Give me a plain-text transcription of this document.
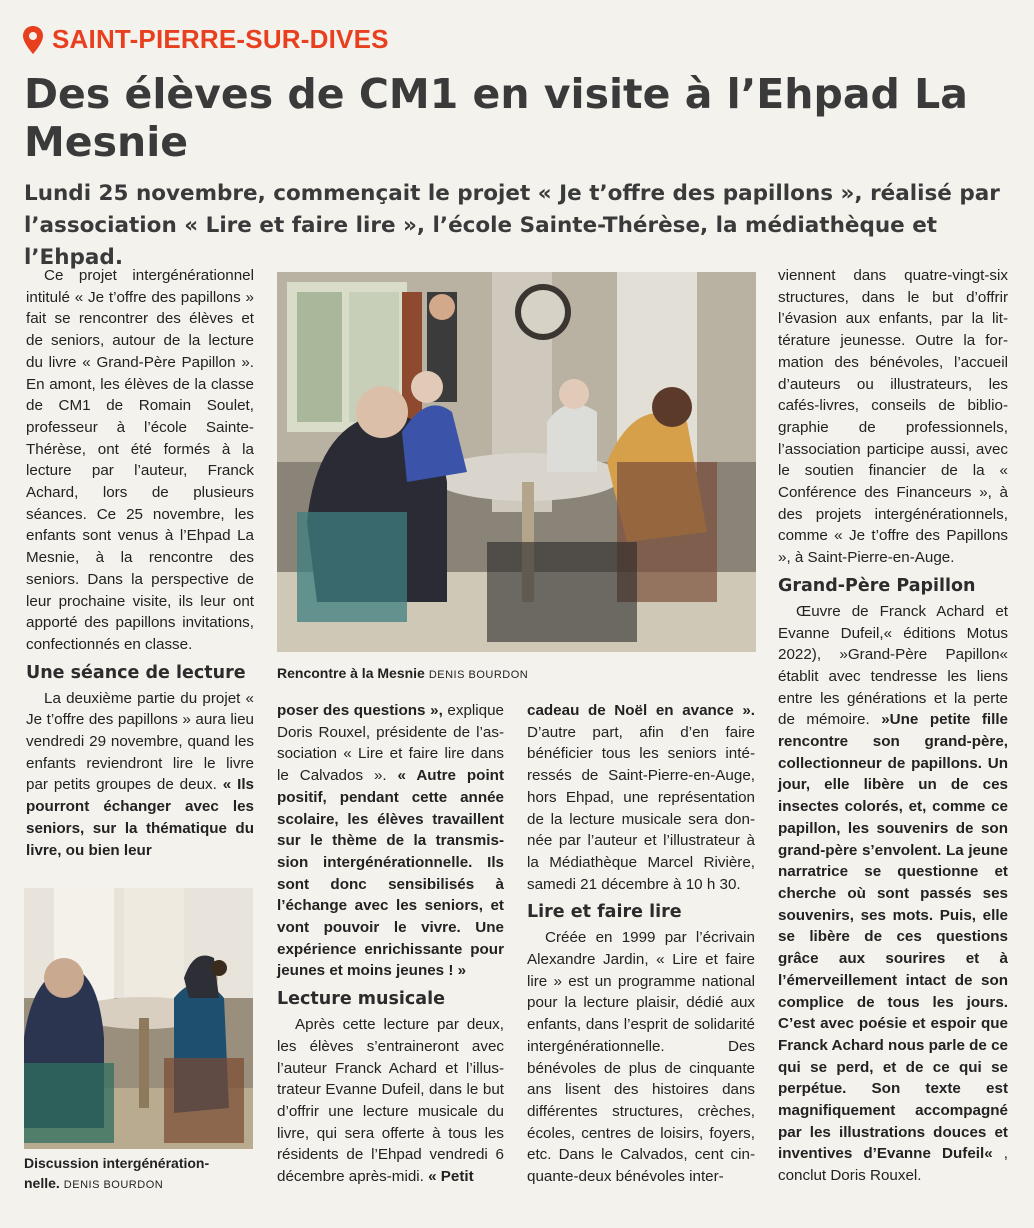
SAINT-PIERRE-SUR-DIVES
Des élèves de CM1 en visite à l’Ehpad La Mesnie

Lundi 25 novembre, commençait le projet « Je t’offre des papillons », réalisé par l’association « Lire et faire lire », l’école Sainte-Thérèse, la médiathèque et l’Ehpad.

Ce projet intergénérationnel intitulé « Je t’offre des papillons » fait se rencontrer des élèves et de seniors, autour de la lecture du livre « Grand-Père Papillon ». En amont, les élèves de la classe de CM1 de Romain Soulet, professeur à l’école Sainte-Thérèse, ont été formés à la lecture par l’auteur, Franck Achard, lors de plusieurs séances. Ce 25 novembre, les enfants sont venus à l’Ehpad La Mesnie, à la rencontre des seniors. Dans la perspective de leur prochaine visite, ils leur ont apporté des papillons invitations, confectionnés en classe.

Une séance de lecture

La deuxième partie du projet « Je t’offre des papillons » aura lieu vendredi 29 novembre, quand les enfants reviendront lire le livre par petits groupes de deux. « Ils pourront échanger avec les seniors, sur la thématique du livre, ou bien leur

Rencontre à la Mesnie DENIS BOURDON
Discussion intergénérationnelle. DENIS BOURDON

poser des questions », explique Doris Rouxel, présidente de l’association « Lire et faire lire dans le Calvados ». « Autre point positif, pendant cette année scolaire, les élèves travaillent sur le thème de la transmission intergénérationnelle. Ils sont donc sensibilisés à l’échange avec les seniors, et vont pouvoir le vivre. Une expérience enrichissante pour jeunes et moins jeunes ! »

Lecture musicale

Après cette lecture par deux, les élèves s’entraineront avec l’auteur Franck Achard et l’illustrateur Evanne Dufeil, dans le but d’offrir une lecture musicale du livre, qui sera offerte à tous les résidents de l’Ehpad vendredi 6 décembre après-midi. « Petit

cadeau de Noël en avance ». D’autre part, afin d’en faire bénéficier tous les seniors intéressés de Saint-Pierre-en-Auge, hors Ehpad, une représentation de la lecture musicale sera donnée par l’auteur et l’illustrateur à la Médiathèque Marcel Rivière, samedi 21 décembre à 10 h 30.

Lire et faire lire

Créée en 1999 par l’écrivain Alexandre Jardin, « Lire et faire lire » est un programme national pour la lecture plaisir, dédié aux enfants, dans l’esprit de solidarité intergénérationnelle. Des bénévoles de plus de cinquante ans lisent des histoires dans différentes structures, crèches, écoles, centres de loisirs, foyers, etc. Dans le Calvados, cent cinquante-deux bénévoles inter-

viennent dans quatre-vingt-six structures, dans le but d’offrir l’évasion aux enfants, par la littérature jeunesse. Outre la formation des bénévoles, l’accueil d’auteurs ou illustrateurs, les cafés-livres, conseils de bibliographie de professionnels, l’association participe aussi, avec le soutien financier de la « Conférence des Financeurs », à des projets intergénérationnels, comme « Je t’offre des Papillons », à Saint-Pierre-en-Auge.

Grand-Père Papillon

Œuvre de Franck Achard et Evanne Dufeil,« éditions Motus 2022), »Grand-Père Papillon« établit avec tendresse les liens entre les générations et la perte de mémoire. »Une petite fille rencontre son grand-père, collectionneur de papillons. Un jour, elle libère un de ces insectes colorés, et, comme ce papillon, les souvenirs de son grand-père s’envolent. La jeune narratrice se questionne et cherche où sont passés ses souvenirs, ses mots. Puis, elle se libère de ces questions grâce aux sourires et à l’émerveillement intact de son complice de tous les jours. C’est avec poésie et espoir que Franck Achard nous parle de ce qui se perd, et de ce qui se perpétue. Son texte est magnifiquement accompagné par les illustrations douces et inventives d’Evanne Dufeil« , conclut Doris Rouxel.
